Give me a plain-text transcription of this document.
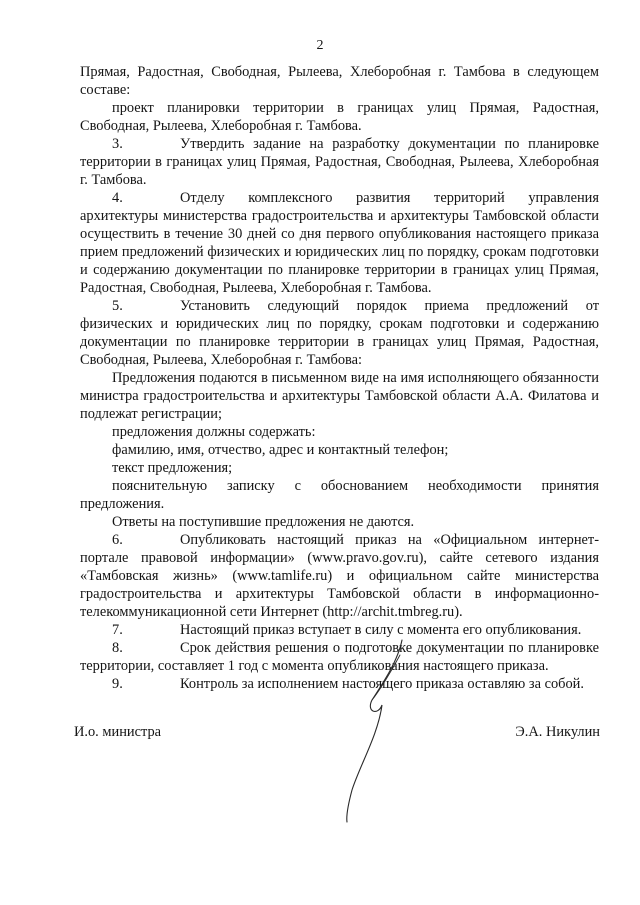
2

Прямая, Радостная, Свободная, Рылеева, Хлеборобная г. Тамбова в следующем составе:

проект планировки территории в границах улиц Прямая, Радостная, Свободная, Рылеева, Хлеборобная г. Тамбова.

3.	Утвердить задание на разработку документации по планировке территории в границах улиц Прямая, Радостная, Свободная, Рылеева, Хлеборобная г. Тамбова.

4.	Отделу комплексного развития территорий управления архитектуры министерства градостроительства и архитектуры Тамбовской области осуществить в течение 30 дней со дня первого опубликования настоящего приказа прием предложений физических и юридических лиц по порядку, срокам подготовки и содержанию документации по планировке территории в границах улиц Прямая, Радостная, Свободная, Рылеева, Хлеборобная г. Тамбова.

5.	Установить следующий порядок приема предложений от физических и юридических лиц по порядку, срокам подготовки и содержанию документации по планировке территории в границах улиц Прямая, Радостная, Свободная, Рылеева, Хлеборобная г. Тамбова:

Предложения подаются в письменном виде на имя исполняющего обязанности министра градостроительства и архитектуры Тамбовской области А.А. Филатова и подлежат регистрации;

предложения должны содержать:

фамилию, имя, отчество, адрес и контактный телефон;

текст предложения;

пояснительную записку с обоснованием необходимости принятия предложения.

Ответы на поступившие предложения не даются.

6.	Опубликовать настоящий приказ на «Официальном интернет-портале правовой информации» (www.pravo.gov.ru), сайте сетевого издания «Тамбовская жизнь» (www.tamlife.ru) и официальном сайте министерства градостроительства и архитектуры Тамбовской области в информационно-телекоммуникационной сети Интернет (http://archit.tmbreg.ru).

7.	Настоящий приказ вступает в силу с момента его опубликования.

8.	Срок действия решения о подготовке документации по планировке территории, составляет 1 год с момента опубликования настоящего приказа.

9.	Контроль за исполнением настоящего приказа оставляю за собой.

И.о. министра	Э.А. Никулин
